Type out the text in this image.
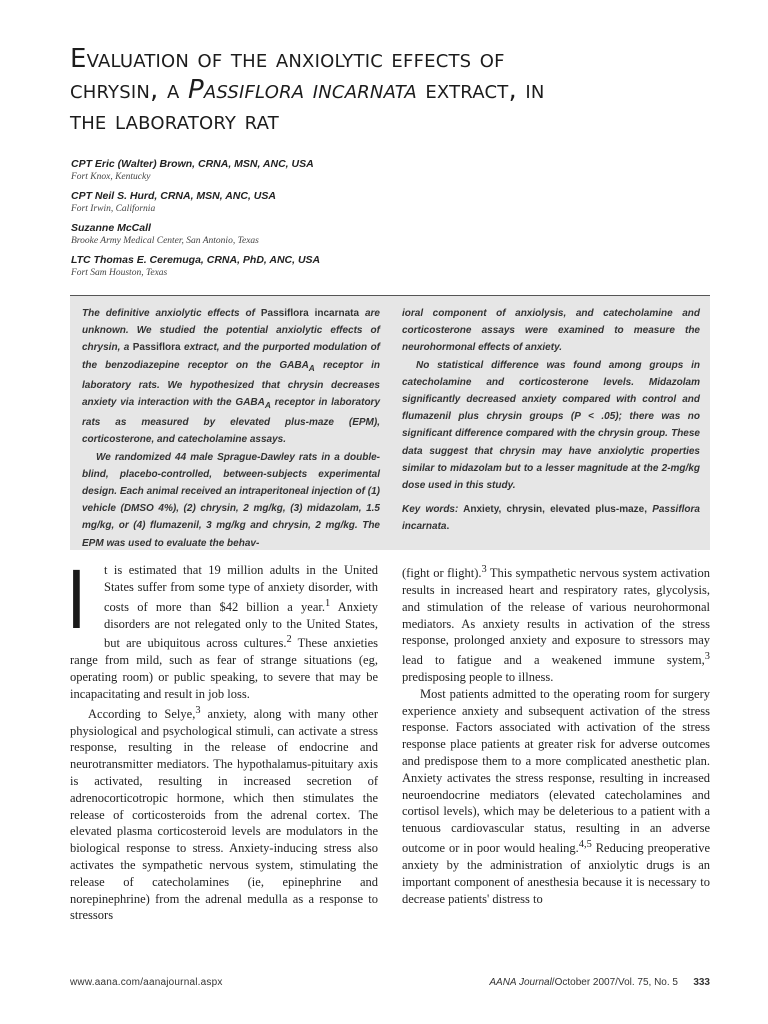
Evaluation of the anxiolytic effects of
chrysin, a Passiflora incarnata extract, in
the laboratory rat
CPT Eric (Walter) Brown, CRNA, MSN, ANC, USA
Fort Knox, Kentucky
CPT Neil S. Hurd, CRNA, MSN, ANC, USA
Fort Irwin, California
Suzanne McCall
Brooke Army Medical Center, San Antonio, Texas
LTC Thomas E. Ceremuga, CRNA, PhD, ANC, USA
Fort Sam Houston, Texas

The definitive anxiolytic effects of Passiflora incarnata are unknown. We studied the potential anxiolytic effects of chrysin, a Passiflora extract, and the purported modulation of the benzodiazepine receptor on the $GABA_A$ receptor in laboratory rats. We hypothesized that chrysin decreases anxiety via interaction with the $GABA_A$ receptor in laboratory rats as measured by elevated plus-maze (EPM), corticosterone, and catecholamine assays.

We randomized 44 male Sprague-Dawley rats in a double-blind, placebo-controlled, between-subjects experimental design. Each animal received an intraperitoneal injection of (1) vehicle (DMSO 4%), (2) chrysin, 2 mg/kg, (3) midazolam, 1.5 mg/kg, or (4) flumazenil, 3 mg/kg and chrysin, 2 mg/kg. The EPM was used to evaluate the behav-

ioral component of anxiolysis, and catecholamine and corticosterone assays were examined to measure the neurohormonal effects of anxiety.

No statistical difference was found among groups in catecholamine and corticosterone levels. Midazolam significantly decreased anxiety compared with control and flumazenil plus chrysin groups (P < .05); there was no significant difference compared with the chrysin group. These data suggest that chrysin may have anxiolytic properties similar to midazolam but to a lesser magnitude at the 2-mg/kg dose used in this study.

Key words: Anxiety, chrysin, elevated plus-maze, Passiflora incarnata.

I t is estimated that 19 million adults in the United States suffer from some type of anxiety disorder, with costs of more than $42 billion a year.$^1$ Anxiety disorders are not relegated only to the United States, but are ubiquitous across cultures.$^2$ These anxieties range from mild, such as fear of strange situations (eg, operating room) or public speaking, to severe that may be incapacitating and result in job loss.

According to Selye,$^3$ anxiety, along with many other physiological and psychological stimuli, can activate a stress response, resulting in the release of endocrine and neurotransmitter mediators. The hypothalamus-pituitary axis is activated, resulting in increased secretion of adrenocorticotropic hormone, which then stimulates the release of corticosteroids from the adrenal cortex. The elevated plasma corticosteroid levels are modulators in the biological response to stress. Anxiety-inducing stress also activates the sympathetic nervous system, stimulating the release of catecholamines (ie, epinephrine and norepinephrine) from the adrenal medulla as a response to stressors

(fight or flight).$^3$ This sympathetic nervous system activation results in increased heart and respiratory rates, glycolysis, and stimulation of the release of various neurohormonal mediators. As anxiety results in activation of the stress response, prolonged anxiety and exposure to stressors may lead to fatigue and a weakened immune system,$^3$ predisposing people to illness.

Most patients admitted to the operating room for surgery experience anxiety and subsequent activation of the stress response. Factors associated with activation of the stress response place patients at greater risk for adverse outcomes and predispose them to a more complicated anesthetic plan. Anxiety activates the stress response, resulting in increased neuroendocrine mediators (elevated catecholamines and cortisol levels), which may be deleterious to a patient with a tenuous cardiovascular status, resulting in an adverse outcome or in poor would healing.$^{4,5}$ Reducing preoperative anxiety by the administration of anxiolytic drugs is an important component of anesthesia because it is necessary to decrease patients' distress to

www.aana.com/aanajournal.aspx	AANA Journal/October 2007/Vol. 75, No. 5 333
